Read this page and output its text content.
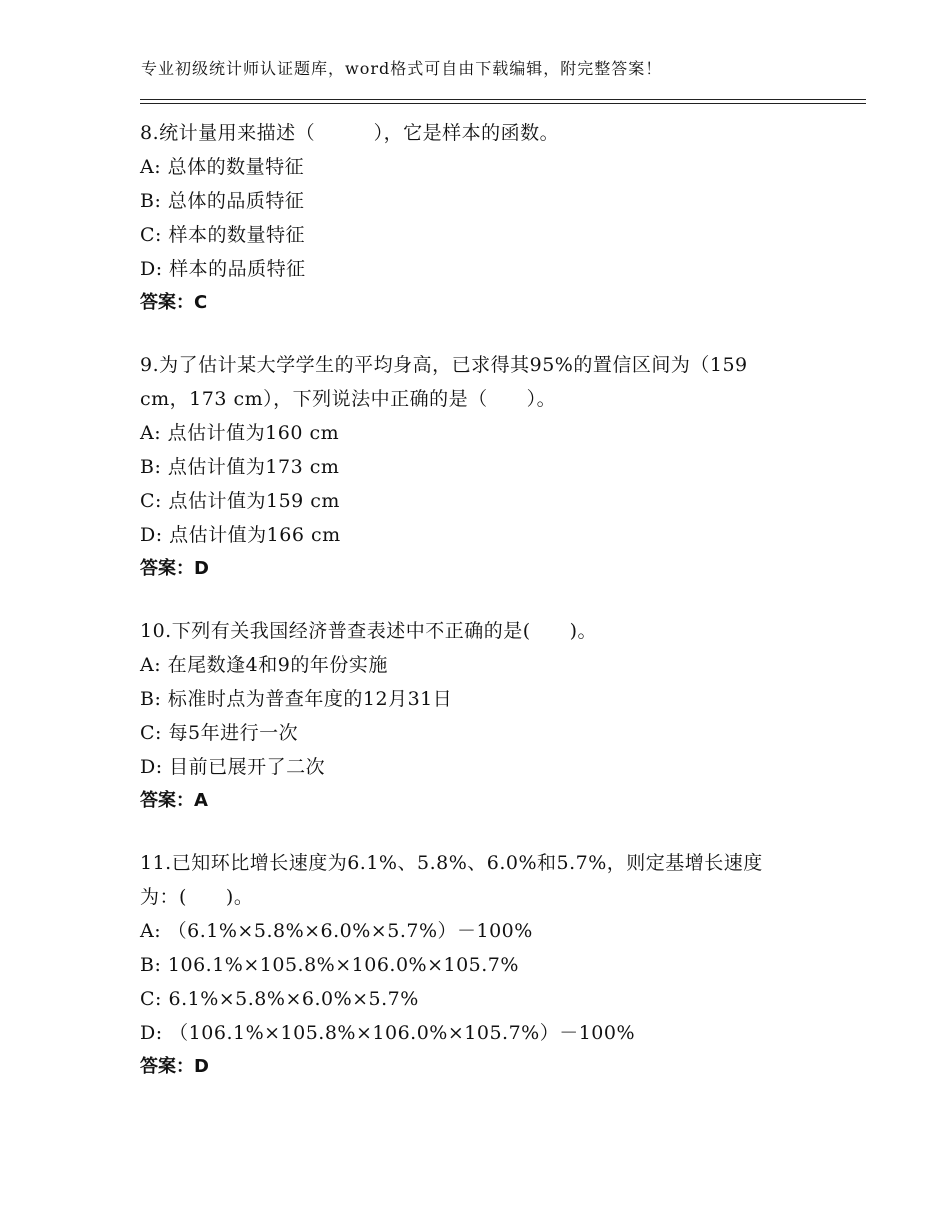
专业初级统计师认证题库，word格式可自由下载编辑，附完整答案！
8.统计量用来描述（　　　），它是样本的函数。
A: 总体的数量特征
B: 总体的品质特征
C: 样本的数量特征
D: 样本的品质特征
答案：C
9.为了估计某大学学生的平均身高，已求得其95%的置信区间为（159
cm，173 cm），下列说法中正确的是（　　）。
A: 点估计值为160 cm
B: 点估计值为173 cm
C: 点估计值为159 cm
D: 点估计值为166 cm
答案：D
10.下列有关我国经济普查表述中不正确的是(　　)。
A: 在尾数逢4和9的年份实施
B: 标准时点为普查年度的12月31日
C: 每5年进行一次
D: 目前已展开了二次
答案：A
11.已知环比增长速度为6.1%、5.8%、6.0%和5.7%，则定基增长速度
为：(　　)。
A: （6.1%×5.8%×6.0%×5.7%）－100%
B: 106.1%×105.8%×106.0%×105.7%
C: 6.1%×5.8%×6.0%×5.7%
D: （106.1%×105.8%×106.0%×105.7%）－100%
答案：D
